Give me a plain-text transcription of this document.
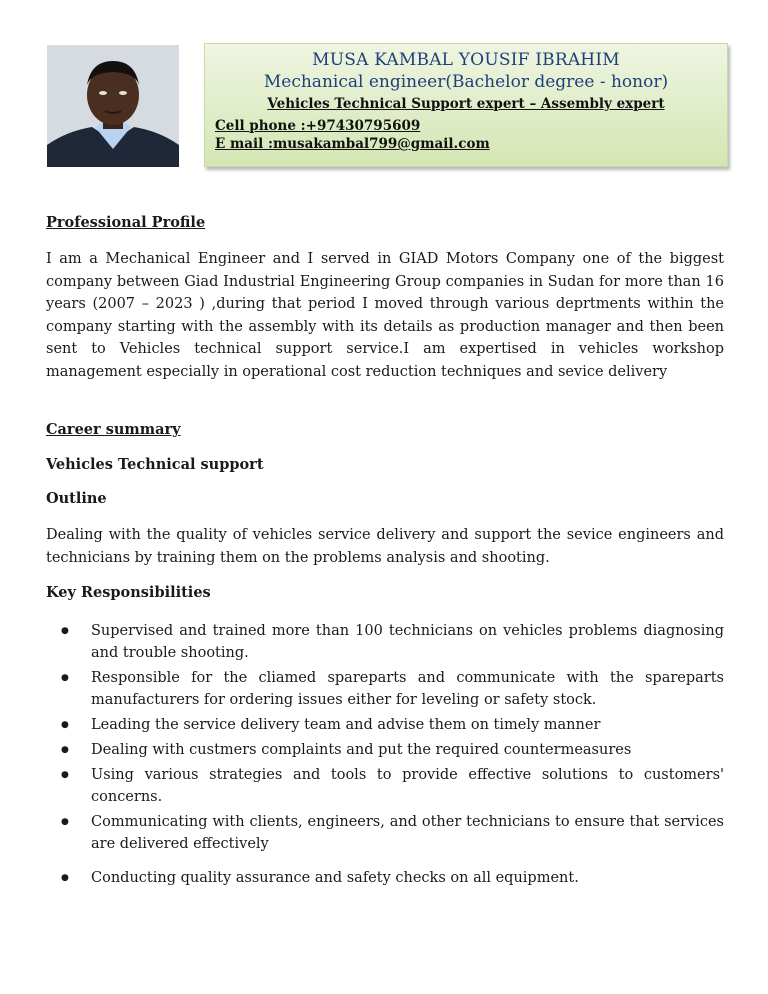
MUSA KAMBAL YOUSIF IBRAHIM
Mechanical engineer(Bachelor degree - honor)
Vehicles Technical Support expert – Assembly expert
Cell phone :+97430795609
E mail :musakambal799@gmail.com
Professional Profile
I am a Mechanical Engineer and I served in GIAD Motors Company one of the biggest company between Giad Industrial Engineering Group companies in Sudan for more than 16 years (2007 – 2023 ) ,during that period I moved through various deprtments within the company starting with the assembly with its details as production manager and then been sent to Vehicles technical support service.I am expertised in vehicles workshop management especially in operational cost reduction techniques and sevice delivery
Career summary
Vehicles Technical support
Outline
Dealing with the quality of vehicles service delivery and support the sevice engineers and technicians by training them on the problems analysis and shooting.
Key Responsibilities
● Supervised and trained more than 100 technicians on vehicles problems diagnosing and trouble shooting.
● Responsible for the cliamed spareparts and communicate with the spareparts manufacturers for ordering issues either for leveling or safety stock.
● Leading the service delivery team and advise them on timely manner
● Dealing with custmers complaints and put the required countermeasures
● Using various strategies and tools to provide effective solutions to customers' concerns.
● Communicating with clients, engineers, and other technicians to ensure that services are delivered effectively
● Conducting quality assurance and safety checks on all equipment.
